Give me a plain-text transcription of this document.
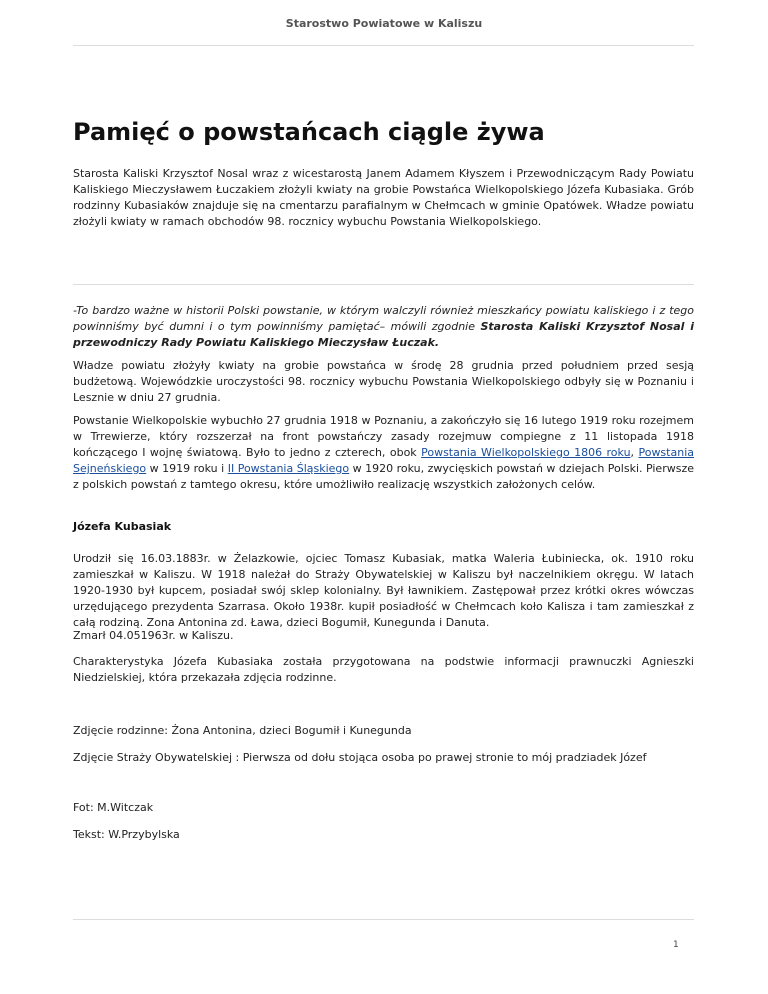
Starostwo Powiatowe w Kaliszu
Pamięć o powstańcach ciągle żywa

Starosta Kaliski Krzysztof Nosal wraz z wicestarostą Janem Adamem Kłyszem i Przewodniczącym Rady Powiatu Kaliskiego Mieczysławem Łuczakiem złożyli kwiaty na grobie Powstańca Wielkopolskiego Józefa Kubasiaka. Grób rodzinny Kubasiaków znajduje się na cmentarzu parafialnym w Chełmcach w gminie Opatówek. Władze powiatu złożyli kwiaty w ramach obchodów 98. rocznicy wybuchu Powstania Wielkopolskiego.

-To bardzo ważne w historii Polski powstanie, w którym walczyli również mieszkańcy powiatu kaliskiego i z tego powinniśmy być dumni i o tym powinniśmy pamiętać– mówili zgodnie Starosta Kaliski Krzysztof Nosal i przewodniczy Rady Powiatu Kaliskiego Mieczysław Łuczak.

Władze powiatu złożyły kwiaty na grobie powstańca w środę 28 grudnia przed południem przed sesją budżetową. Wojewódzkie uroczystości 98. rocznicy wybuchu Powstania Wielkopolskiego odbyły się w Poznaniu i Lesznie w dniu 27 grudnia.

Powstanie Wielkopolskie wybuchło 27 grudnia 1918 w Poznaniu, a zakończyło się 16 lutego 1919 roku rozejmem w Trrewierze, który rozszerzał na front powstańczy zasady rozejmuw compiegne z 11 listopada 1918 kończącego I wojnę światową. Było to jedno z czterech, obok Powstania Wielkopolskiego 1806 roku, Powstania Sejneńskiego w 1919 roku i II Powstania Śląskiego w 1920 roku, zwycięskich powstań w dziejach Polski. Pierwsze z polskich powstań z tamtego okresu, które umożliwiło realizację wszystkich założonych celów.

Józefa Kubasiak

Urodził się 16.03.1883r. w Żelazkowie, ojciec Tomasz Kubasiak, matka Waleria Łubiniecka, ok. 1910 roku zamieszkał w Kaliszu. W 1918 należał do Straży Obywatelskiej w Kaliszu był naczelnikiem okręgu. W latach 1920-1930 był kupcem, posiadał swój sklep kolonialny. Był ławnikiem. Zastępował przez krótki okres wówczas urzędującego prezydenta Szarrasa. Około 1938r. kupił posiadłość w Chełmcach koło Kalisza i tam zamieszkał z całą rodziną. Zona Antonina zd. Ława, dzieci Bogumił, Kunegunda i Danuta.

Zmarł 04.051963r. w Kaliszu.

Charakterystyka Józefa Kubasiaka została przygotowana na podstwie informacji prawnuczki Agnieszki Niedzielskiej, która przekazała zdjęcia rodzinne.

Zdjęcie rodzinne: Żona Antonina, dzieci Bogumił i Kunegunda

Zdjęcie Straży Obywatelskiej : Pierwsza od dołu stojąca osoba po prawej stronie to mój pradziadek Józef

Fot: M.Witczak

Tekst: W.Przybylska

1
